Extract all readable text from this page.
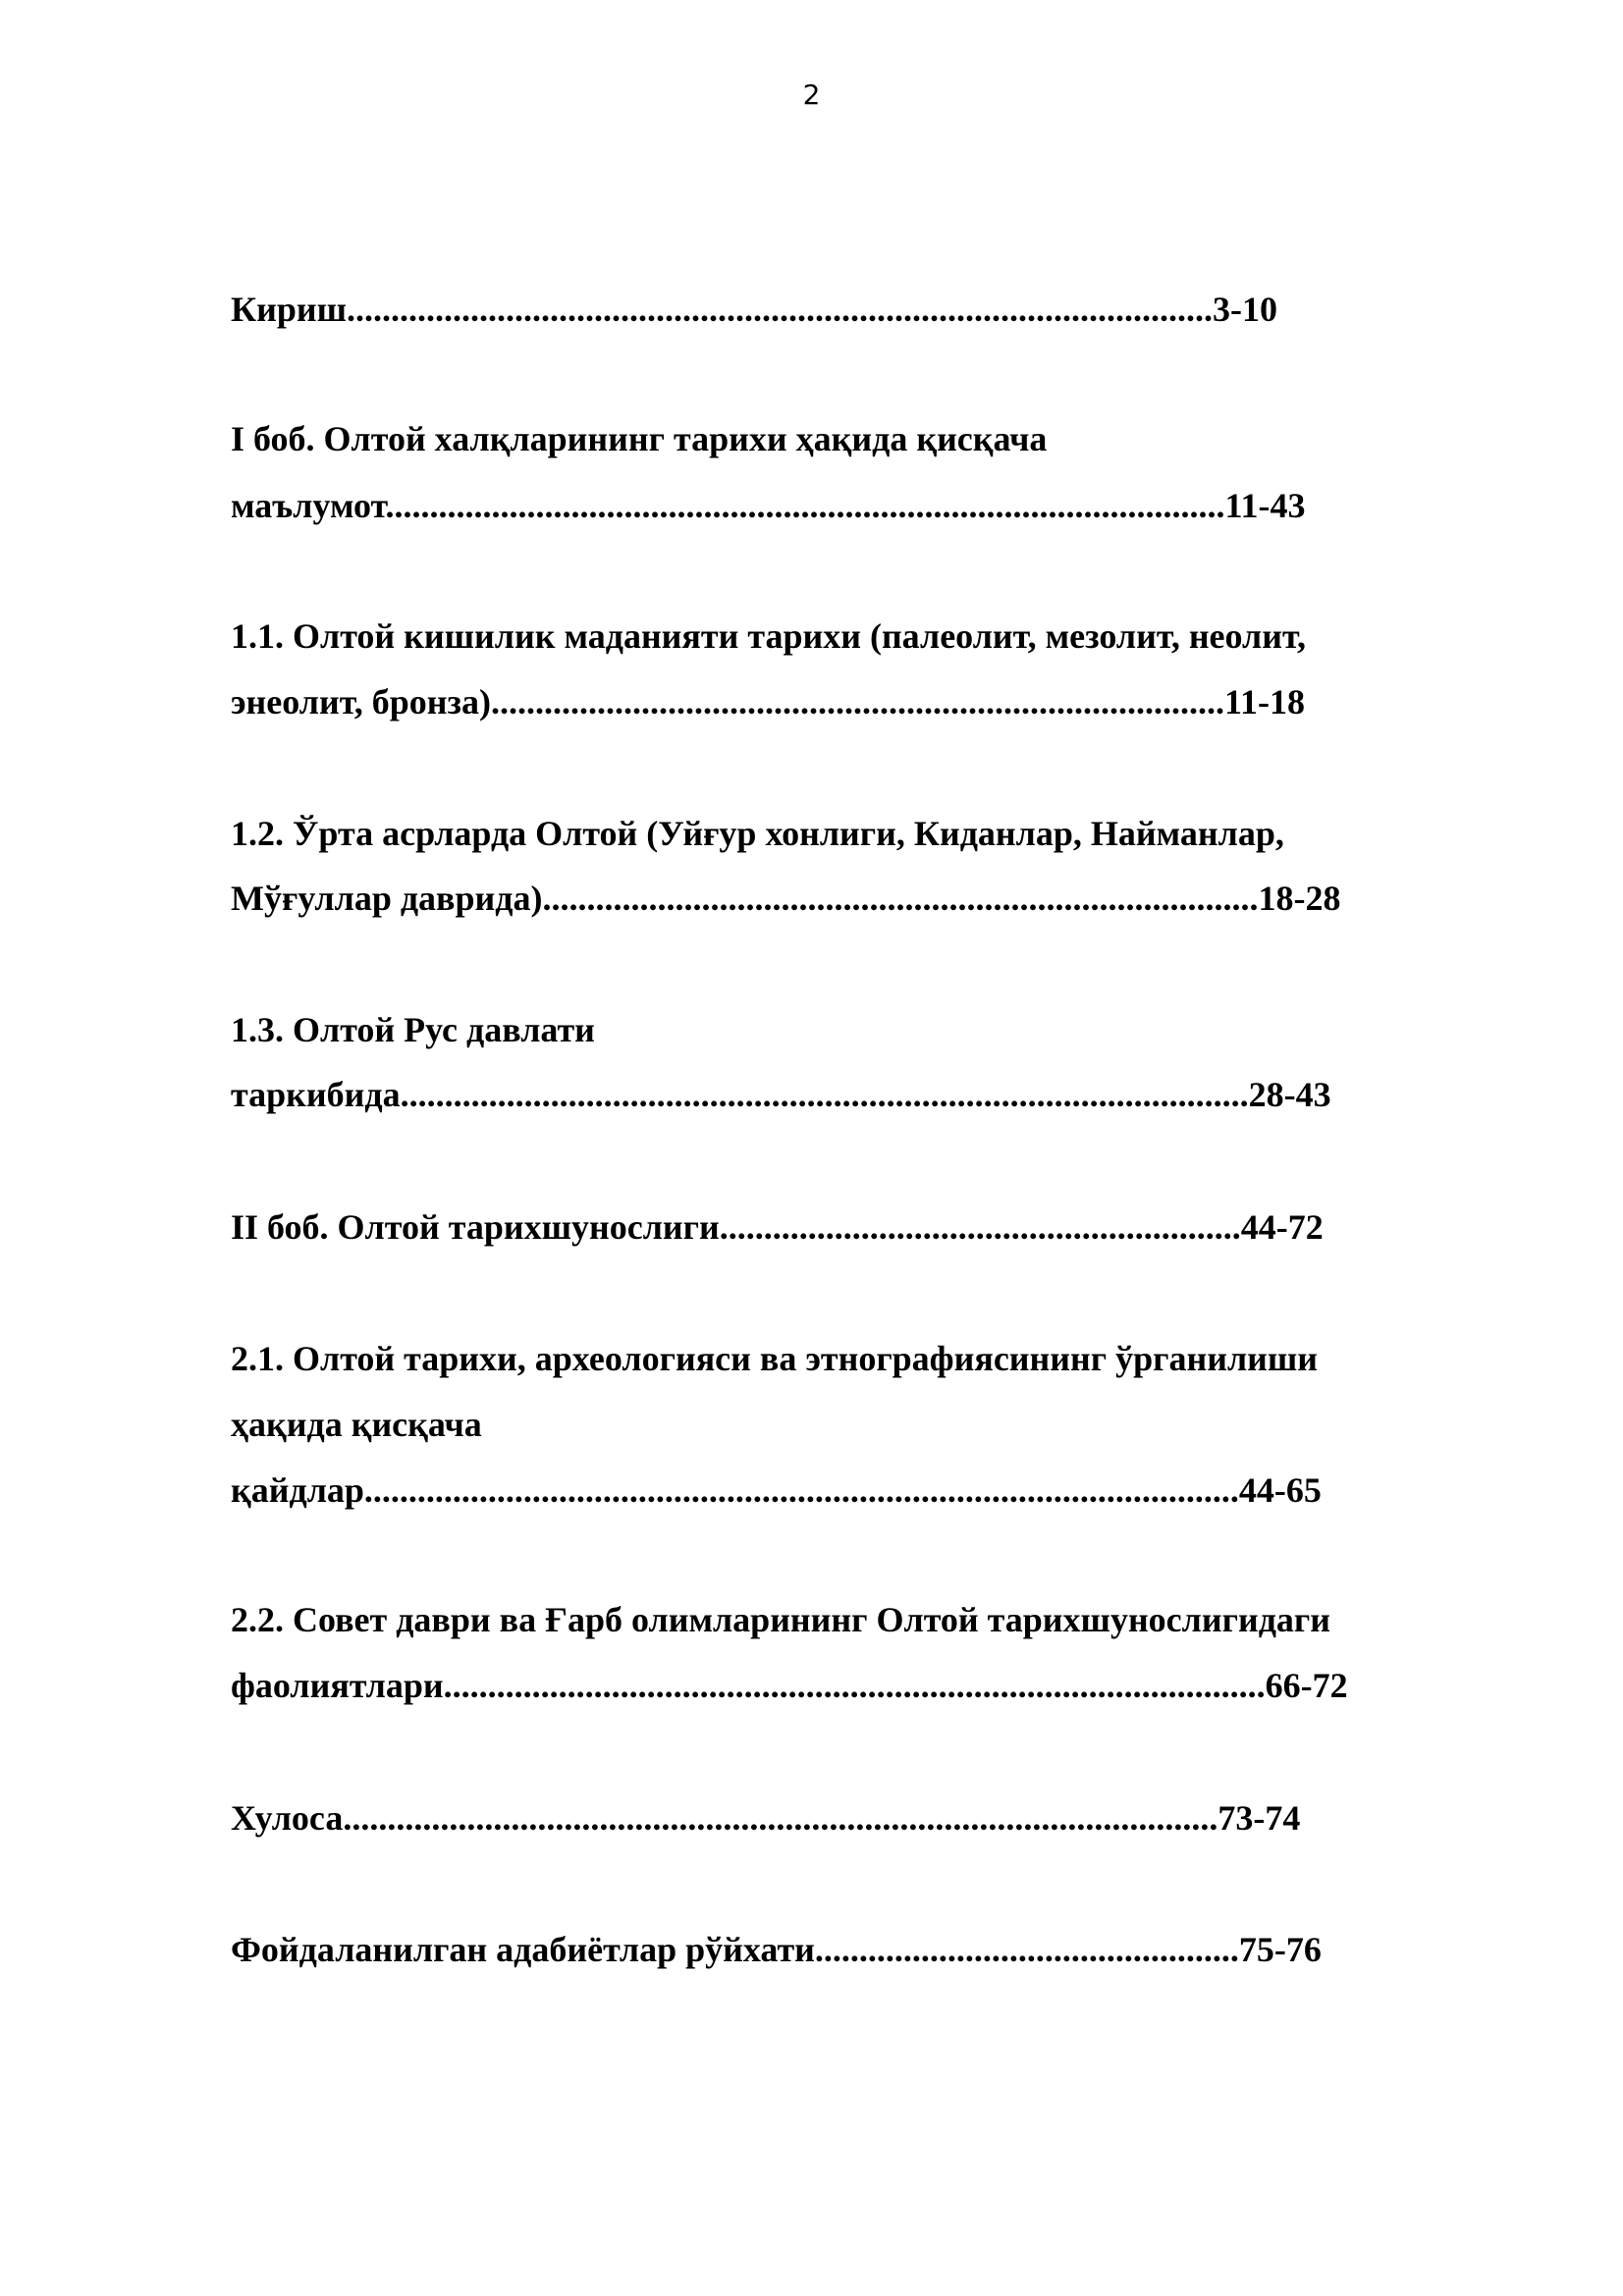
2
Кириш..................................................................................................3-10
I боб. Олтой халқларининг тарихи ҳақида қисқача
маълумот...............................................................................................11-43
1.1. Олтой кишилик маданияти тарихи (палеолит, мезолит, неолит,
энеолит, бронза)...................................................................................11-18
1.2. Ўрта асрларда Олтой (Уйғур хонлиги, Киданлар, Найманлар,
Мўғуллар даврида).................................................................................18-28
1.3. Олтой Рус давлати
таркибида................................................................................................28-43
II боб. Олтой тарихшунослиги...........................................................44-72
2.1. Олтой тарихи, археологияси ва этнографиясининг ўрганилиши
ҳақида қисқача
қайдлар...................................................................................................44-65
2.2. Совет даври ва Ғарб олимларининг Олтой тарихшунослигидаги
фаолиятлари.............................................................................................66-72
Хулоса...................................................................................................73-74
Фойдаланилган адабиётлар рўйхати................................................75-76
